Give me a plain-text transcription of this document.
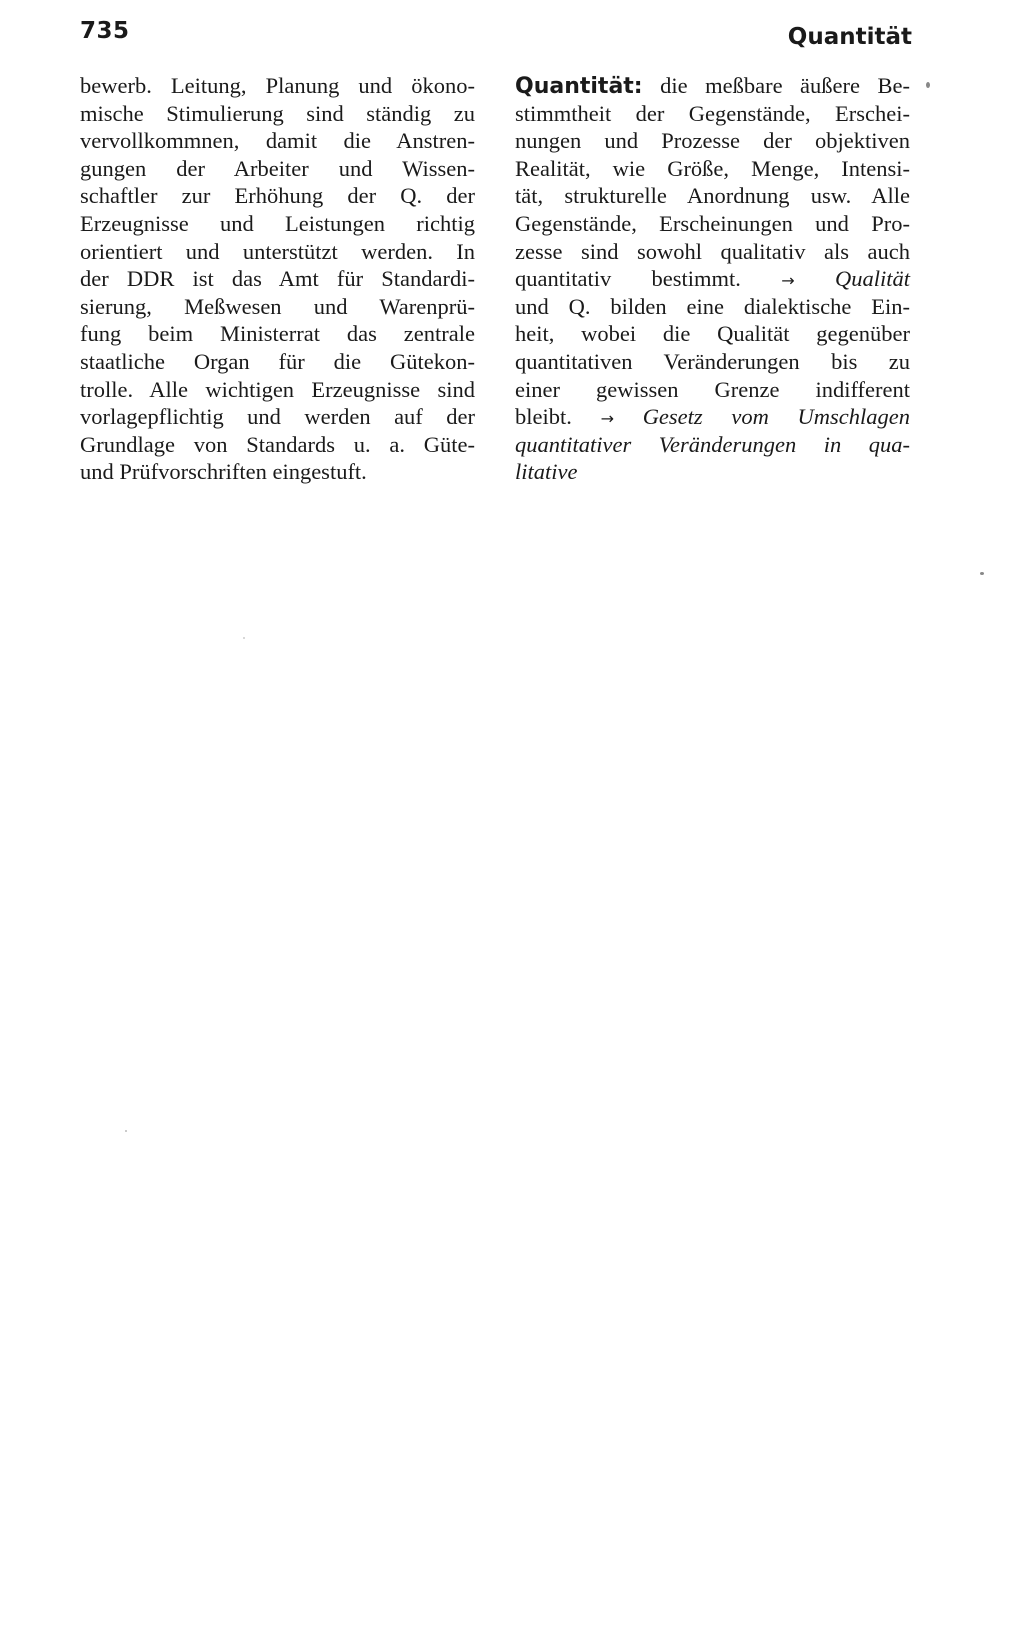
735	Quantität
bewerb. Leitung, Planung und ökono-
mische Stimulierung sind ständig zu
vervollkommnen, damit die Anstren-
gungen der Arbeiter und Wissen-
schaftler zur Erhöhung der Q. der
Erzeugnisse und Leistungen richtig
orientiert und unterstützt werden. In
der DDR ist das Amt für Standardi-
sierung, Meßwesen und Warenprü-
fung beim Ministerrat das zentrale
staatliche Organ für die Gütekon-
trolle. Alle wichtigen Erzeugnisse sind
vorlagepflichtig und werden auf der
Grundlage von Standards u. a. Güte-
und Prüfvorschriften eingestuft.
Quantität: die meßbare äußere Be-
stimmtheit der Gegenstände, Erschei-
nungen und Prozesse der objektiven
Realität, wie Größe, Menge, Intensi-
tät, strukturelle Anordnung usw. Alle
Gegenstände, Erscheinungen und Pro-
zesse sind sowohl qualitativ als auch
quantitativ bestimmt.	→ Qualität
und Q. bilden eine dialektische Ein-
heit, wobei die Qualität gegenüber
quantitativen Veränderungen bis zu
einer gewissen Grenze indifferent
bleibt. → Gesetz vom Umschlagen
quantitativer Veränderungen in qua-
litative
